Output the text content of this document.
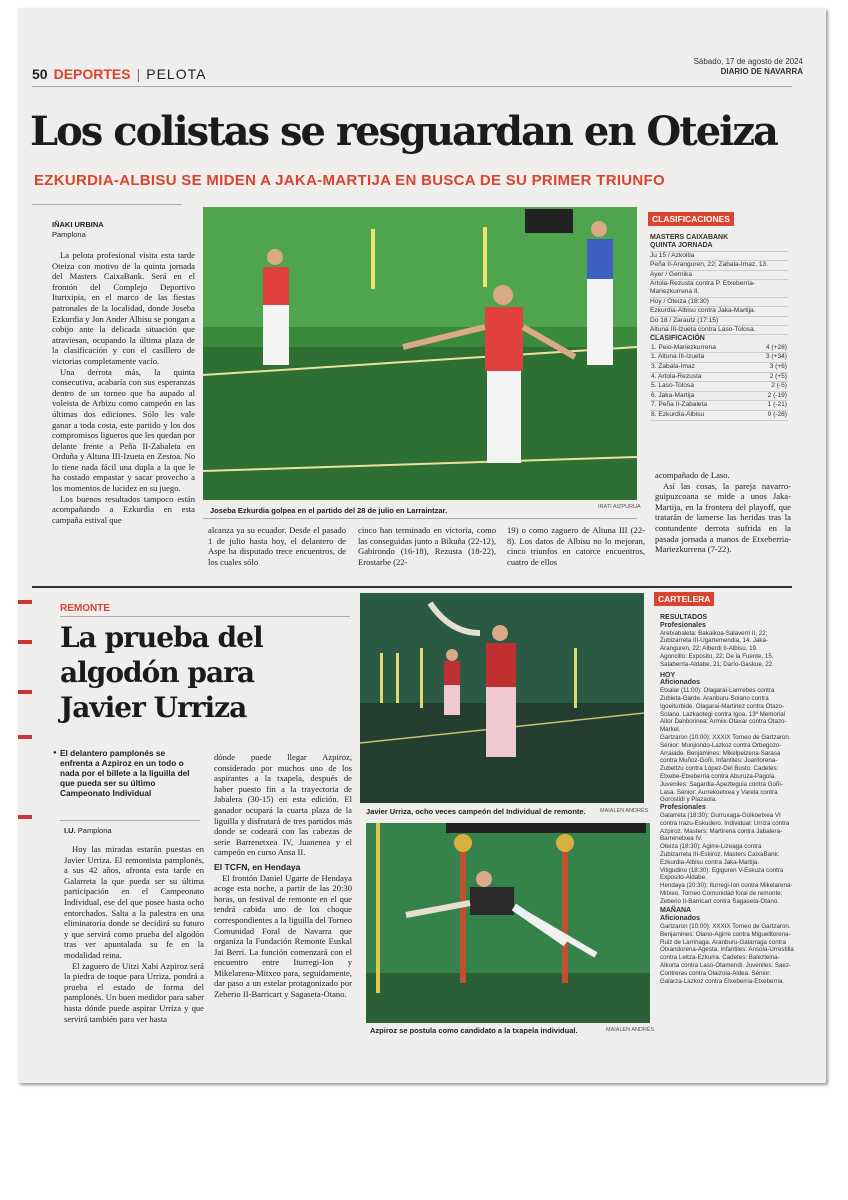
50 DEPORTES | PELOTA
Sábado, 17 de agosto de 2024
DIARIO DE NAVARRA
Los colistas se resguardan en Oteiza
EZKURDIA-ALBISU SE MIDEN A JAKA-MARTIJA EN BUSCA DE SU PRIMER TRIUNFO
IÑAKI URBINA
Pamplona

La pelota profesional visita esta tarde Oteiza con motivo de la quinta jornada del Masters CaixaBank. Será en el frontón del Complejo Deportivo Iturtxipia, en el marco de las fiestas patronales de la localidad, donde Joseba Ezkurdia y Jon Ander Albisu se pongan a cobijo ante la delicada situación que atraviesan, ocupando la última plaza de la clasificación y con el casillero de victorias completamente vacío.

Una derrota más, la quinta consecutiva, acabaría con sus esperanzas dentro de un torneo que ha aupado al voleista de Arbizu como campeón en las últimas dos ediciones. Sólo les vale ganar a toda costa, este partido y los dos compromisos ligueros que les quedan por delante frente a Peña II-Zabaleta en Orduña y Altuna III-Izueta en Zestoa. No lo tiene nada fácil una dupla a la que le ha costado empastar y sacar provecho a los momentos de lucidez en su juego.

Los buenos resultados tampoco están acompañando a Ezkurdia en esta campaña estival que

Joseba Ezkurdia golpea en el partido del 28 de julio en Larraintzar.	IRATI AIZPURUA

alcanza ya su ecuador. Desde el pasado 1 de julio hasta hoy, el delantero de Aspe ha disputado trece encuentros, de los cuales sólo

cinco han terminado en victoria, como las conseguidas junto a Bikuña (22-12), Gabirondo (16-18), Rezusta (18-22), Erostarbe (22-

19) o como zaguero de Altuna III (22-8). Los datos de Albisu no lo mejoran, cinco triunfos en catorce encuentros, cuatro de ellos

acompañado de Laso.

Así las cosas, la pareja navarro-guipuzcoana se mide a unos Jaka-Martija, en la frontera del playoff, que tratarán de lamerse las heridas tras la contundente derrota sufrida en la pasada jornada a manos de Etxeberria-Mariezkurrena (7-22).

CLASIFICACIONES
MASTERS CAIXABANK
QUINTA JORNADA
Ju 15 / Azkoitia
Peña II-Aranguren, 22; Zabala-Imaz, 13.
Ayer / Gernika
Artola-Rezusta contra P. Etxeberria-Mariezkurrena II.
Hoy / Oteiza (18:30)
Ezkurdia-Albisu contra Jaka-Martija.
Do 18 / Zarautz (17:15)
Altuna III-Izueta contra Laso-Tolosa.
CLASIFICACIÓN
1. Peio-Mariezkurrena	4 (+28)
1. Altuna III-Izueta	3 (+34)
3. Zabala-Imaz	3 (+6)
4. Artola-Rezusta	2 (+5)
5. Laso-Tolosa	2 (-5)
6. Jaka-Martija	2 (-19)
7. Peña II-Zabaleta	1 (-21)
8. Ezkurdia-Albisu	0 (-28)
REMONTE
La prueba del
algodón para
Javier Urriza
● El delantero pamplonés se enfrenta a Azpiroz en un todo o nada por el billete a la liguilla del que pueda ser su último Campeonato Individual
I.U. Pamplona

Hoy las miradas estarán puestas en Javier Urriza. El remontista pamplonés, a sus 42 años, afronta esta tarde en Galarreta la que pueda ser su última participación en el Campeonato Individual, ese del que posee hasta ocho entorchados. Salta a la palestra en una eliminatoria donde se decidirá su futuro y que servirá como prueba del algodón tras ver apuntalada su fe en la modalidad reina.

El zaguero de Uitzi Xabi Azpiroz será la piedra de toque para Urriza, pondrá a prueba el estado de forma del pamplonés. Un buen medidor para saber hasta dónde puede aspirar Urriza y que servirá también para ver hasta

dónde puede llegar Azpiroz, considerado por muchos uno de los aspirantes a la txapela, después de haber puesto fin a la trayectoria de Jabalera (30-15) en esta edición. El ganador ocupará la cuarta plaza de la liguilla y disfrutará de tres partidos más donde se codeará con las cabezas de serie Barrenetxea IV, Juanenea y el campeón en curso Ansa II.

El TCFN, en Hendaya

El frontón Daniel Ugarte de Hendaya acoge esta noche, a partir de las 20:30 horas, un festival de remonte en el que tendrá cabida uno de los choque correspondientes a la liguilla del Torneo Comunidad Foral de Navarra que organiza la Fundación Remonte Euskal Jai Berri. La función comenzará con el encuentro entre Iturregi-Ion y Mikelarena-Mitxeo para, seguidamente, dar paso a un estelar protagonizado por Zeberio II-Barricart y Sagaseta-Otano.

Javier Urriza, ocho veces campeón del Individual de remonte.	MAIALEN ANDRÉS
Azpiroz se postula como candidato a la txapela individual.	MAIALEN ANDRÉS
CARTELERA
RESULTADOS
Profesionales
Aretxabaleta: Bakaikoa-Salaverri II, 22; Zubizarreta III-Ugartemendia, 14. Jaka-Aranguren, 22; Alberdi II-Albisu, 19.
Agoncillo: Exposito, 22; De la Fuente, 15. Salaberria-Aldabe, 21; Darío-Gaskue, 22.
HOY
Aficionados
Etxalar (11:00): Olagarai-Larrrebes contra Zubieta-Garde. Aranburu-Solano contra Igoeiturbide. Olagarai-Martinez contra Otazo-Solano. Lazkaotegi contra Igoa. 13º Memorial Aitor Danborinea: Armiix-Otaxar contra Otazo-Markel.
Gartzaron (10:00): XXXIX Torneo de Gartzaron. Sénior: Munjiondo-Lazkoz contra Orbegozo-Arraiade. Benjamines: Mikelpeizena-Sarasa contra Muñoz-Goñi. Infantiles: Juaritorena-Zubeltzu contra López-Del Busto. Cadetes: Etxebe-Etxeberria contra Aburuza-Pagola. Juveniles: Sagardia-Apezteguia contra Goñi-Lasa. Sénior: Aurrekoetxea y Varela contra Gorostidi y Plazaola.
Profesionales
Galarreta (18:30): Gurruxaga-Goikoetxea VI contra Irazu-Eskudero. Individual: Urriza contra Azpiroz. Masters: Martirena contra Jabalera-Barrenetxea IV.
Oteiza (18:30): Agirre-Lizeaga contra Zubizarreta III-Eskiroz. Masters CaixaBank: Ezkurdia-Albisu contra Jaka-Martija.
Vitigudino (18:30): Egiguren V-Eskuza contra Exposito-Aldabe.
Hendaya (20:30): Iturregi-Ion contra Mikelarena-Mitxeo. Torneo Comunidad foral de remonte: Zeberio II-Barricart contra Sagaseta-Otano.
MAÑANA
Aficionados
Gartzaron (10:00): XXXIX Torneo de Gartzaron. Benjamines: Olano-Agirre contra Miguelltorena-Ruiz de Larrinaga. Aranburu-Galarraga contra Otxandorena-Agesta. Infantiles: Ansola-Urrestilla contra Leitza-Ezkurra. Cadetes: Balezteina-Alkorta contra Laso-Otamendi. Juveniles: Saez-Contreras contra Olaizola-Aldea. Sénior: Galarza-Lazkoz contra Etxeberria-Etxeberria.
